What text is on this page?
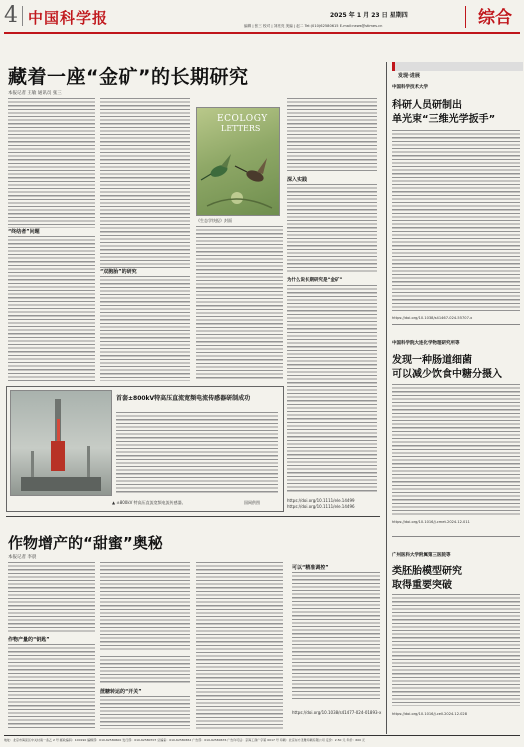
4 中国科学报	2025 年 1 月 23 日 星期四
编辑 | 张三 校对 | 刘亮亮 美编 | 赵二 Tel:(010)62580615 E-mail:news@stimes.cn	综合
藏着一座“金矿”的长期研究
本报记者 王敏 通讯员 张三
“终结者”问题
“双胞胎”的研究
ECOLOGY
LETTERS
《生态学快报》封面
深入实践
为什么说长期研究是“金矿”
https://doi.org/10.1111/ele.14499
https://doi.org/10.1111/ele.14496
首套±800kV特高压直流宽频电流传感器研制成功
▲ ±800kV 特高压直流宽频电流传感器。	国网供图
作物增产的“甜蜜”奥秘
本报记者 李晨
作物产量的“钥匙”
蔗糖转运的“开关”
可以“精准调控”
https://doi.org/10.1038/s41477-024-01893-x
发现·进展
中国科学技术大学
科研人员研制出
单光束“三维光学扳手”
https://doi.org/10.1038/s41467-024-55707-x
中国科学院大连化学物理研究所等
发现一种肠道细菌
可以减少饮食中糖分摄入
https://doi.org/10.1016/j.cmet.2024.12.011
广州医科大学附属第三医院等
类胚胎模型研究
取得重要突破
https://doi.org/10.1016/j.cell.2024.12.028
地址：北京市海淀区中关村南一条乙 2 号 邮政编码：100190 编辑部：010-62580600 发行部：010-62580707 总编室：010-62580652 广告部：010-62580676 广告许可证：京海工商广字第 0017 号 印刷：北京东方圣雅印刷有限公司 定价：2.50 元 年价：600 元
